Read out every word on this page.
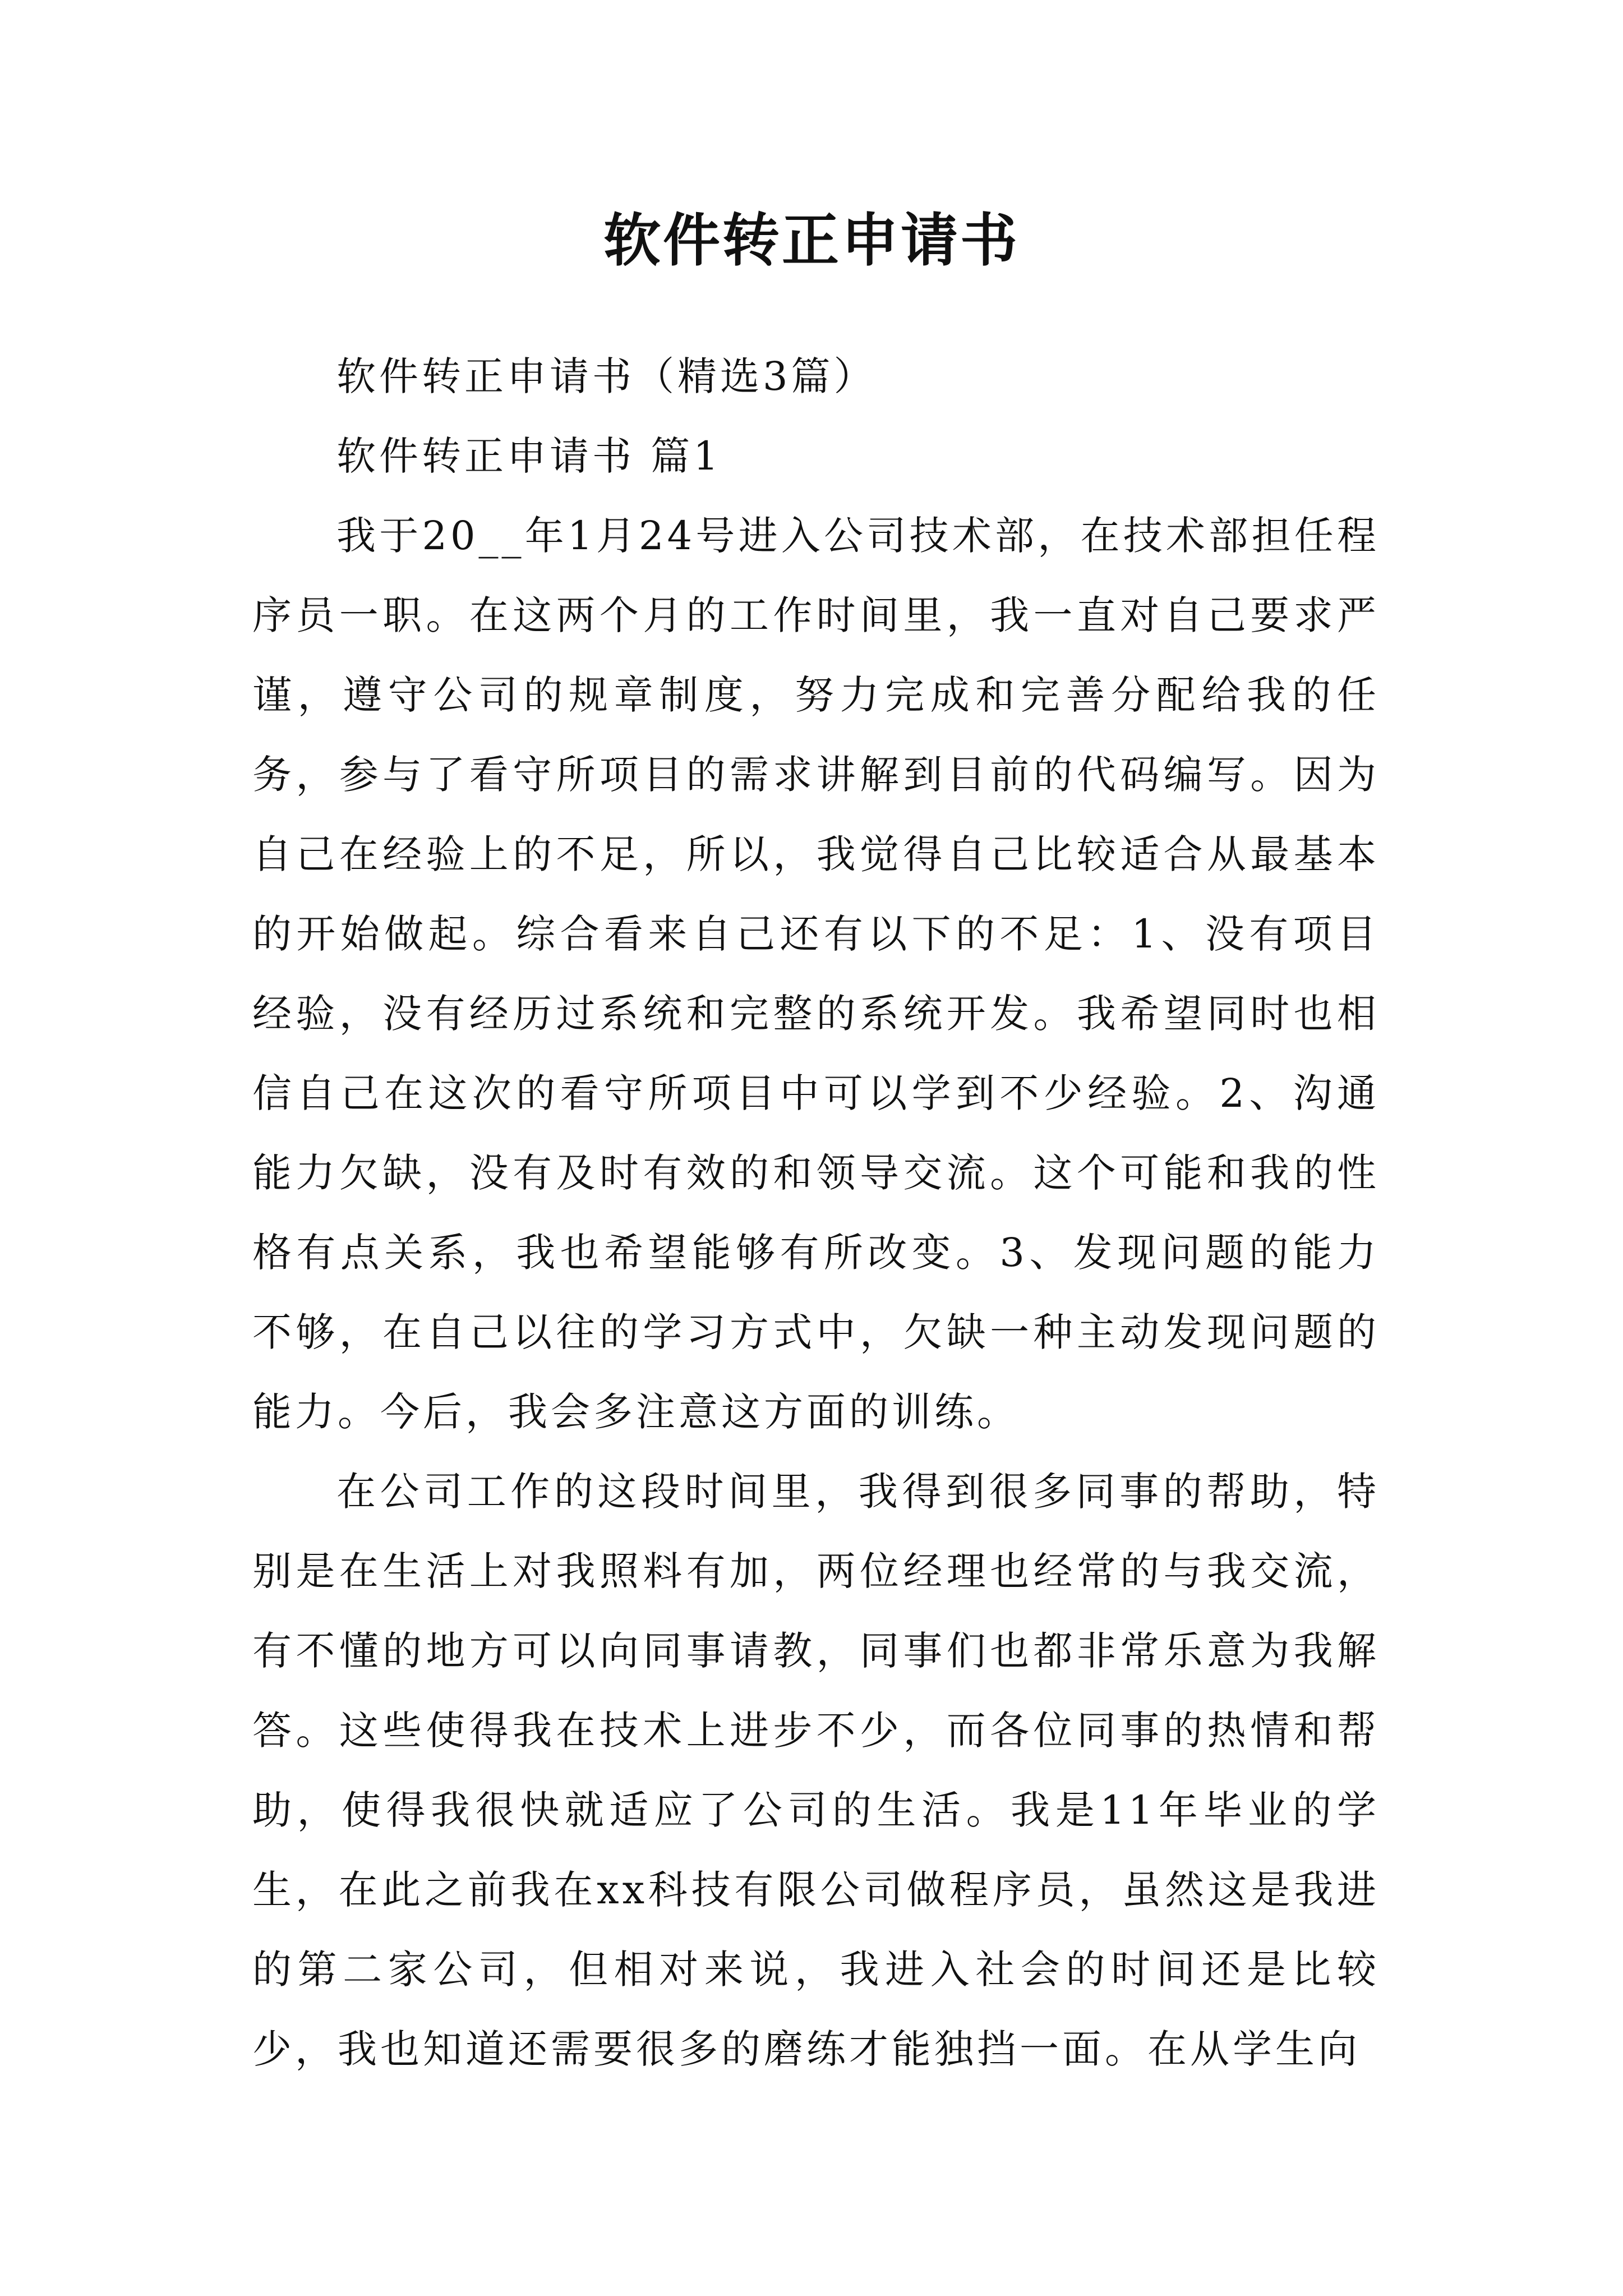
软件转正申请书

软件转正申请书（精选3篇）

软件转正申请书 篇1

我于20__年1月24号进入公司技术部，在技术部担任程序员一职。在这两个月的工作时间里，我一直对自己要求严谨，遵守公司的规章制度，努力完成和完善分配给我的任务，参与了看守所项目的需求讲解到目前的代码编写。因为自己在经验上的不足，所以，我觉得自己比较适合从最基本的开始做起。综合看来自己还有以下的不足：1、没有项目经验，没有经历过系统和完整的系统开发。我希望同时也相信自己在这次的看守所项目中可以学到不少经验。2、沟通能力欠缺，没有及时有效的和领导交流。这个可能和我的性格有点关系，我也希望能够有所改变。3、发现问题的能力不够，在自己以往的学习方式中，欠缺一种主动发现问题的能力。今后，我会多注意这方面的训练。

在公司工作的这段时间里，我得到很多同事的帮助，特别是在生活上对我照料有加，两位经理也经常的与我交流，有不懂的地方可以向同事请教，同事们也都非常乐意为我解答。这些使得我在技术上进步不少，而各位同事的热情和帮助，使得我很快就适应了公司的生活。我是11年毕业的学生，在此之前我在xx科技有限公司做程序员，虽然这是我进的第二家公司，但相对来说，我进入社会的时间还是比较少，我也知道还需要很多的磨练才能独挡一面。在从学生向
